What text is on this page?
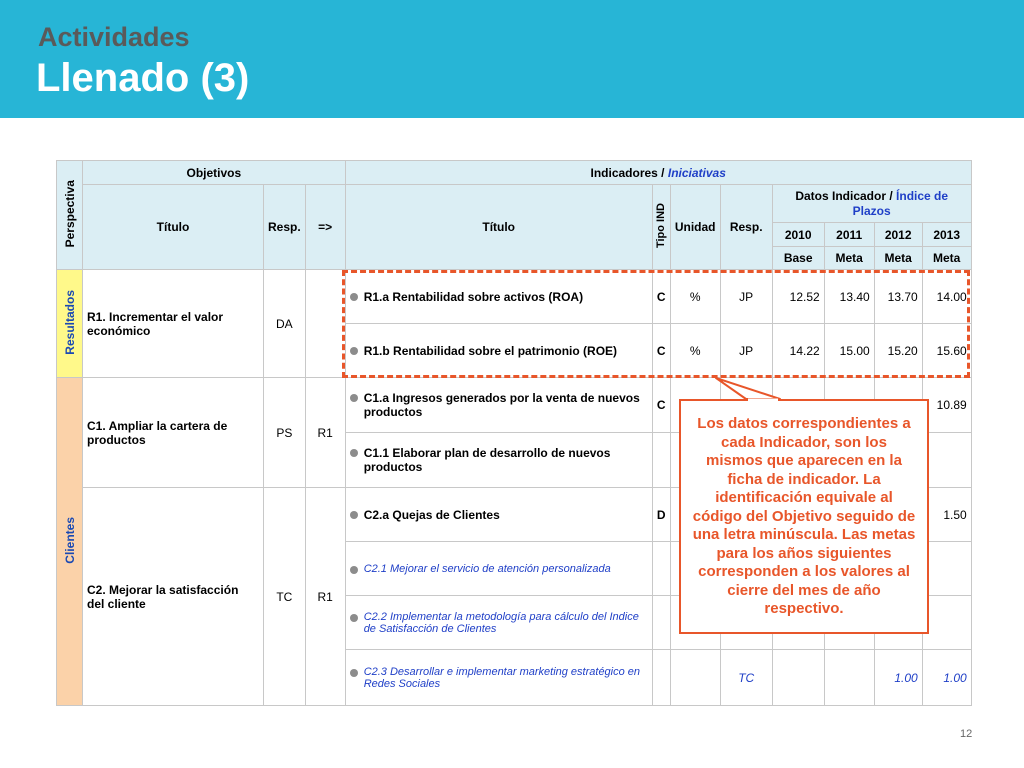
Actividades
Llenado (3)
Perspectiva	Objetivos			Indicadores / Iniciativas							
	Título	Resp.	=>	Título	Tipo IND	Unidad	Resp.	Datos Indicador / Índice de Plazos			
								2010	2011	2012	2013
								Base	Meta	Meta	Meta
Resultados	R1. Incrementar el valor económico	DA		R1.a Rentabilidad sobre activos (ROA)	C	%	JP	12.52	13.40	13.70	14.00

				R1.b Rentabilidad sobre el patrimonio (ROE)	C	%	JP	14.22	15.00	15.20	15.60
Clientes	C1. Ampliar la cartera de productos	PS	R1	C1.a Ingresos generados por la venta de nuevos productos	C						10.89

				C1.1 Elaborar plan de desarrollo de nuevos productos							

	C2. Mejorar la satisfacción del cliente	TC	R1	C2.a Quejas de Clientes	D						1.50

				C2.1 Mejorar el servicio de atención personalizada							

				C2.2 Implementar la metodología para cálculo del Indice de Satisfacción de Clientes							

				C2.3 Desarrollar e implementar marketing estratégico en Redes Sociales			TC			1.00	1.00
Los datos correspondientes a cada Indicador, son los mismos que aparecen en la ficha de indicador. La identificación equivale al código del Objetivo seguido de una letra minúscula. Las metas para los años siguientes corresponden a los valores al cierre del mes de año respectivo.
12
